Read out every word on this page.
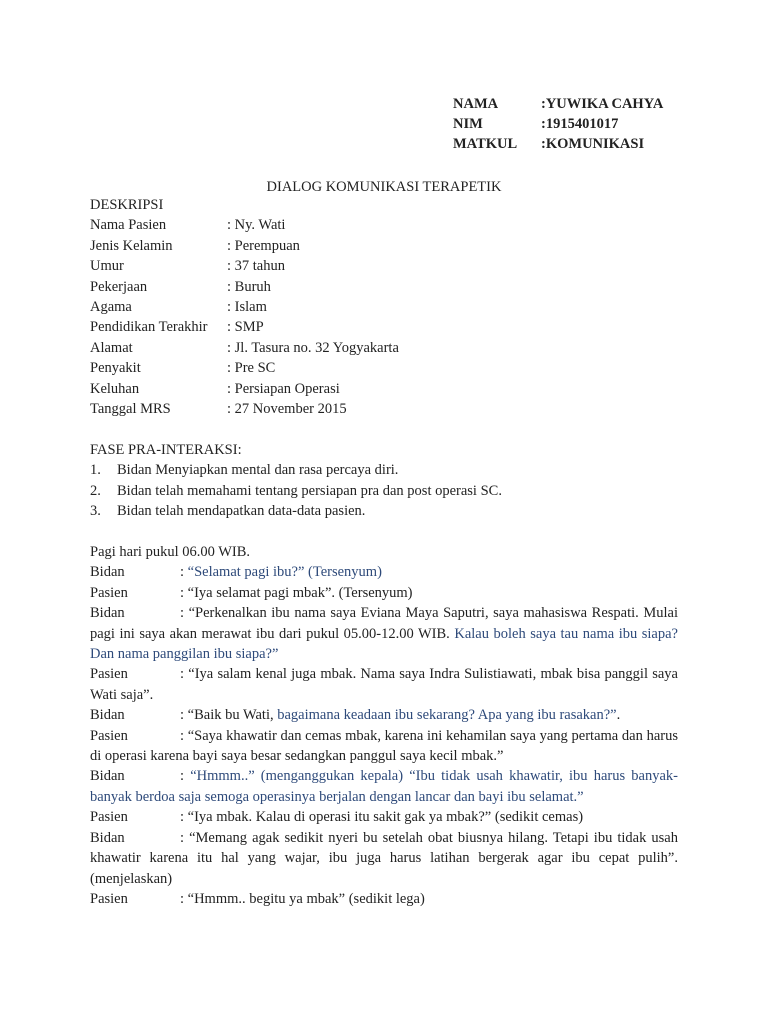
NAMA	:YUWIKA CAHYA
NIM	:1915401017
MATKUL	:KOMUNIKASI
DIALOG KOMUNIKASI TERAPETIK
DESKRIPSI
Nama Pasien	: Ny. Wati
Jenis Kelamin	: Perempuan
Umur	: 37 tahun
Pekerjaan	: Buruh
Agama	: Islam
Pendidikan Terakhir	: SMP
Alamat	: Jl. Tasura no. 32 Yogyakarta
Penyakit	: Pre SC
Keluhan	: Persiapan Operasi
Tanggal MRS	: 27 November 2015
FASE PRA-INTERAKSI:
1.	Bidan Menyiapkan mental dan rasa percaya diri.
2.	Bidan telah memahami tentang persiapan pra dan post operasi SC.
3.	Bidan telah mendapatkan data-data pasien.
Pagi hari pukul 06.00 WIB.
Bidan	: “Selamat pagi ibu?” (Tersenyum)
Pasien	: “Iya selamat pagi mbak”. (Tersenyum)
Bidan	: “Perkenalkan ibu nama saya Eviana Maya Saputri, saya mahasiswa Respati. Mulai pagi ini saya akan merawat ibu dari pukul 05.00-12.00 WIB. Kalau boleh saya tau nama ibu siapa? Dan nama panggilan ibu siapa?”
Pasien	: “Iya salam kenal juga mbak. Nama saya Indra Sulistiawati, mbak bisa panggil saya Wati saja”.
Bidan	: “Baik bu Wati, bagaimana keadaan ibu sekarang? Apa yang ibu rasakan?”.
Pasien	: “Saya khawatir dan cemas mbak, karena ini kehamilan saya yang pertama dan harus di operasi karena bayi saya besar sedangkan panggul saya kecil mbak.”
Bidan	: “Hmmm..” (menganggukan kepala) “Ibu tidak usah khawatir, ibu harus banyak-banyak berdoa saja semoga operasinya berjalan dengan lancar dan bayi ibu selamat.”
Pasien	: “Iya mbak. Kalau di operasi itu sakit gak ya mbak?” (sedikit cemas)
Bidan	: “Memang agak sedikit nyeri bu setelah obat biusnya hilang. Tetapi ibu tidak usah khawatir karena itu hal yang wajar, ibu juga harus latihan bergerak agar ibu cepat pulih”. (menjelaskan)
Pasien	: “Hmmm.. begitu ya mbak” (sedikit lega)
